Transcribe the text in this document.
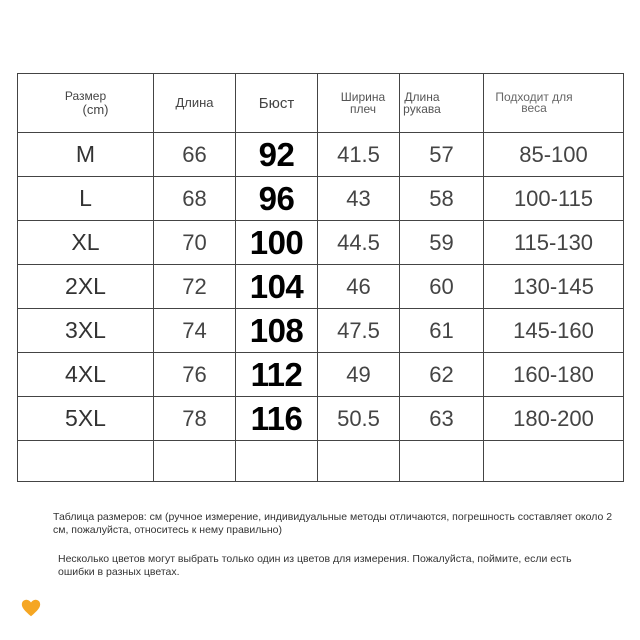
Размер
(cm)	Длина	Бюст	Ширина плеч	Длина рукава	Подходит для веса

M	66	92	41.5	57	85-100
L	68	96	43	58	100-115
XL	70	100	44.5	59	115-130
2XL	72	104	46	60	130-145
3XL	74	108	47.5	61	145-160
4XL	76	112	49	62	160-180
5XL	78	116	50.5	63	180-200

Таблица размеров: см (ручное измерение, индивидуальные методы отличаются, погрешность составляет около 2 см, пожалуйста, относитесь к нему правильно)
Несколько цветов могут выбрать только один из цветов для измерения. Пожалуйста, поймите, если есть ошибки в разных цветах.
